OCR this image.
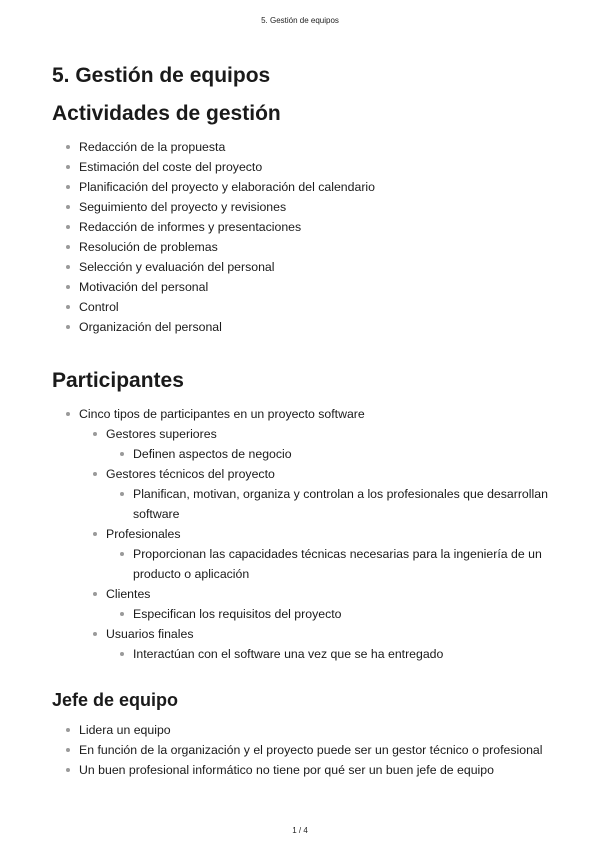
5. Gestión de equipos
5. Gestión de equipos
Actividades de gestión
Redacción de la propuesta
Estimación del coste del proyecto
Planificación del proyecto y elaboración del calendario
Seguimiento del proyecto y revisiones
Redacción de informes y presentaciones
Resolución de problemas
Selección y evaluación del personal
Motivación del personal
Control
Organización del personal
Participantes
Cinco tipos de participantes en un proyecto software
Gestores superiores
Definen aspectos de negocio
Gestores técnicos del proyecto
Planifican, motivan, organiza y controlan a los profesionales que desarrollan software
Profesionales
Proporcionan las capacidades técnicas necesarias para la ingeniería de un producto o aplicación
Clientes
Especifican los requisitos del proyecto
Usuarios finales
Interactúan con el software una vez que se ha entregado
Jefe de equipo
Lidera un equipo
En función de la organización y el proyecto puede ser un gestor técnico o profesional
Un buen profesional informático no tiene por qué ser un buen jefe de equipo
1 / 4
